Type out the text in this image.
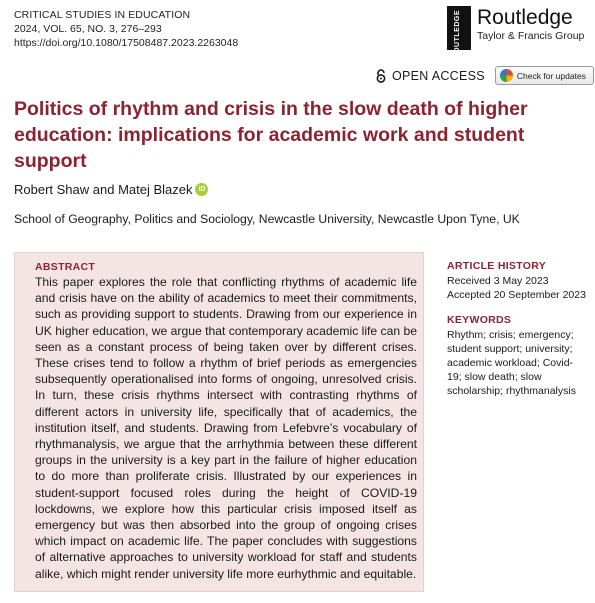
CRITICAL STUDIES IN EDUCATION
2024, VOL. 65, NO. 3, 276–293
https://doi.org/10.1080/17508487.2023.2263048	ROUTLEDGE Routledge
Taylor & Francis Group
OPEN ACCESS	Check for updates
Politics of rhythm and crisis in the slow death of higher education: implications for academic work and student support
Robert Shaw and Matej Blazek iD
School of Geography, Politics and Sociology, Newcastle University, Newcastle Upon Tyne, UK
ABSTRACT
This paper explores the role that conflicting rhythms of academic life and crisis have on the ability of academics to meet their commitments, such as providing support to students. Drawing from our experience in UK higher education, we argue that contemporary academic life can be seen as a constant process of being taken over by different crises. These crises tend to follow a rhythm of brief periods as emergencies subsequently operationalised into forms of ongoing, unresolved crisis. In turn, these crisis rhythms intersect with contrasting rhythms of different actors in university life, specifically that of academics, the institution itself, and students. Drawing from Lefebvre’s vocabulary of rhythmanalysis, we argue that the arrhythmia between these different groups in the university is a key part in the failure of higher education to do more than proliferate crisis. Illustrated by our experiences in student-support focused roles during the height of COVID-19 lockdowns, we explore how this particular crisis imposed itself as emergency but was then absorbed into the group of ongoing crises which impact on academic life. The paper concludes with suggestions of alternative approaches to university workload for staff and students alike, which might render university life more eurhythmic and equitable.
ARTICLE HISTORY
Received 3 May 2023
Accepted 20 September 2023
KEYWORDS
Rhythm; crisis; emergency; student support; university; academic workload; Covid-19; slow death; slow scholarship; rhythmanalysis
